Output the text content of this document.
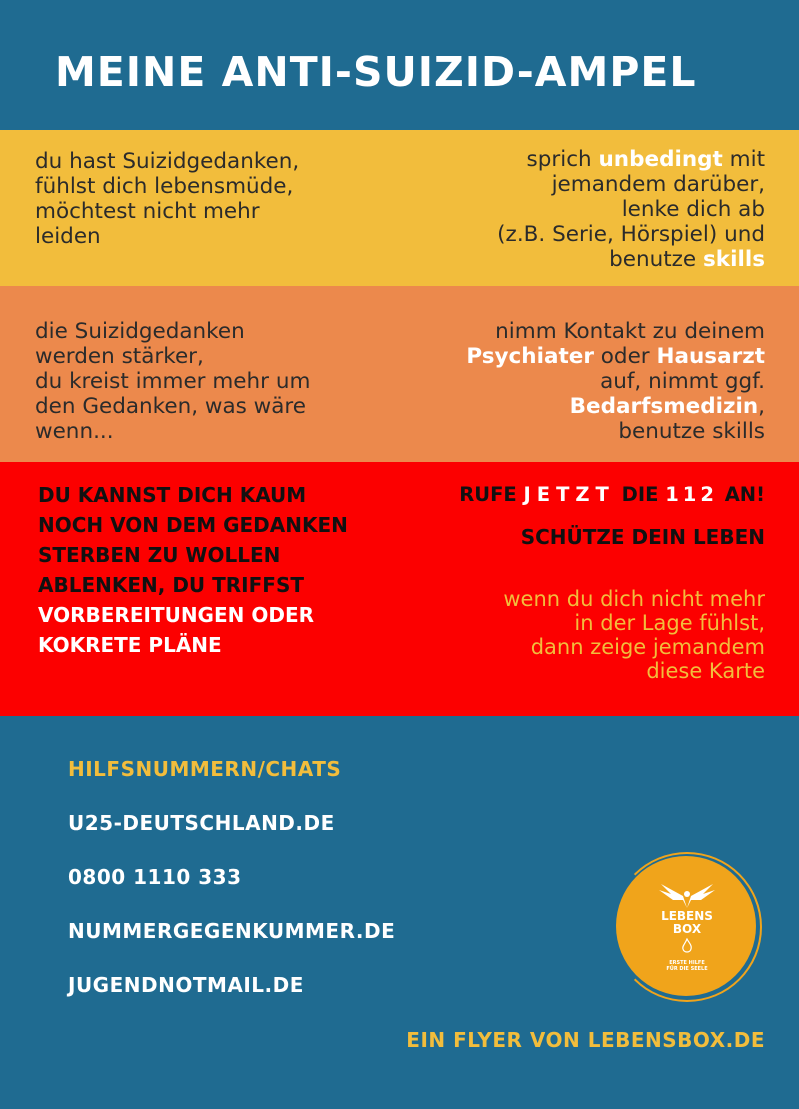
MEINE ANTI-SUIZID-AMPEL
du hast Suizidgedanken,
fühlst dich lebensmüde,
möchtest nicht mehr
leiden
sprich unbedingt mit
jemandem darüber,
lenke dich ab
(z.B. Serie, Hörspiel) und
benutze skills
die Suizidgedanken
werden stärker,
du kreist immer mehr um
den Gedanken, was wäre
wenn...
nimm Kontakt zu deinem
Psychiater oder Hausarzt
auf, nimmt ggf.
Bedarfsmedizin,
benutze skills
DU KANNST DICH KAUM
NOCH VON DEM GEDANKEN
STERBEN ZU WOLLEN
ABLENKEN, DU TRIFFST
VORBEREITUNGEN ODER
KOKRETE PLÄNE
RUFE JETZT DIE 112 AN!
SCHÜTZE DEIN LEBEN
wenn du dich nicht mehr
in der Lage fühlst,
dann zeige jemandem
diese Karte
HILFSNUMMERN/CHATS
U25-DEUTSCHLAND.DE
0800 1110 333
NUMMERGEGENKUMMER.DE
JUGENDNOTMAIL.DE
LEBENS
BOX
ERSTE HILFE
FÜR DIE SEELE
EIN FLYER VON LEBENSBOX.DE
